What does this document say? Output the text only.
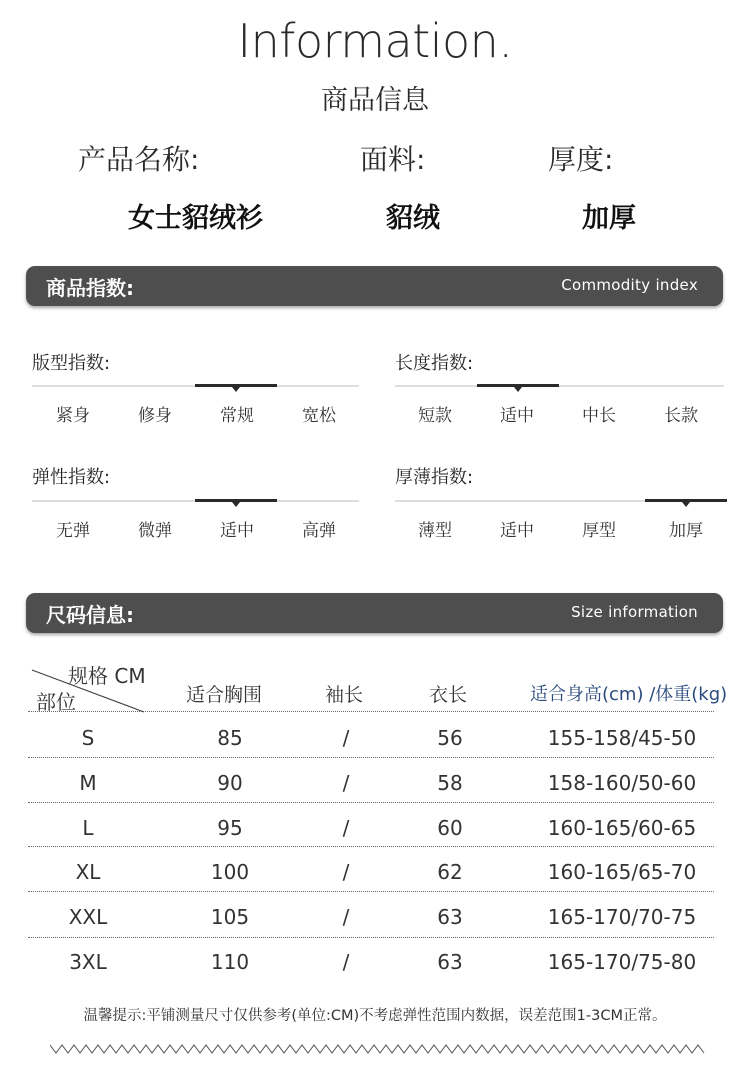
Information.
商品信息
产品名称:	面料:	厚度:
女士貂绒衫	貂绒	加厚
商品指数:	Commodity index
版型指数:
紧身	修身	常规	宽松
长度指数:
短款	适中	中长	长款
弹性指数:
无弹	微弹	适中	高弹
厚薄指数:
薄型	适中	厚型	加厚
尺码信息:	Size information
规格 CM
部位	适合胸围	袖长	衣长	适合身高(cm) /体重(kg)
S	85	/	56	155-158/45-50
M	90	/	58	158-160/50-60
L	95	/	60	160-165/60-65
XL	100	/	62	160-165/65-70
XXL	105	/	63	165-170/70-75
3XL	110	/	63	165-170/75-80
温馨提示:平铺测量尺寸仅供参考(单位:CM)不考虑弹性范围内数据，误差范围1-3CM正常。
